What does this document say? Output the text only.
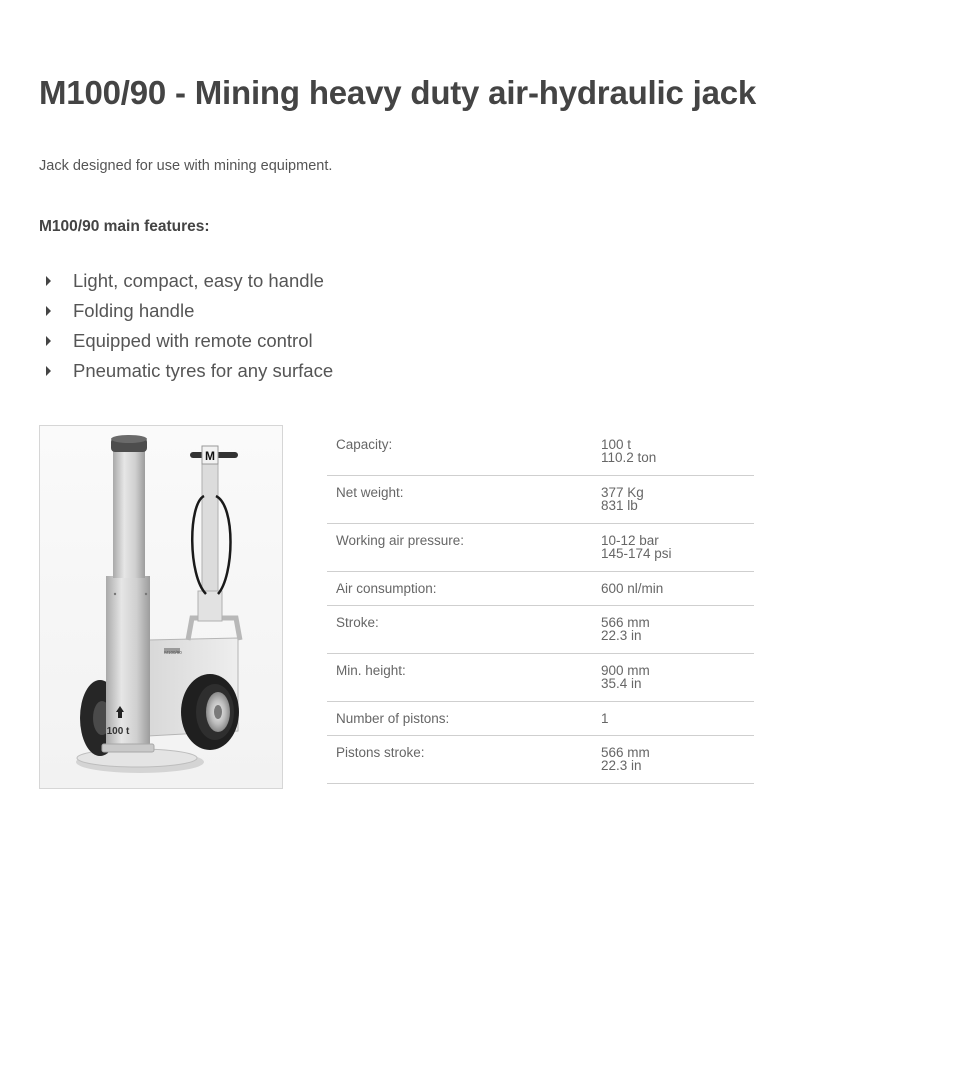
M100/90 - Mining heavy duty air-hydraulic jack

Jack designed for use with mining equipment.

M100/90 main features:

Light, compact, easy to handle
Folding handle
Equipped with remote control
Pneumatic tyres for any surface
100 t
M
M100/90
Capacity:	100 t
110.2 ton

Net weight:	377 Kg
831 lb

Working air pressure:	10-12 bar
145-174 psi

Air consumption:	600 nl/min

Stroke:	566 mm
22.3 in

Min. height:	900 mm
35.4 in

Number of pistons:	1

Pistons stroke:	566 mm
22.3 in
